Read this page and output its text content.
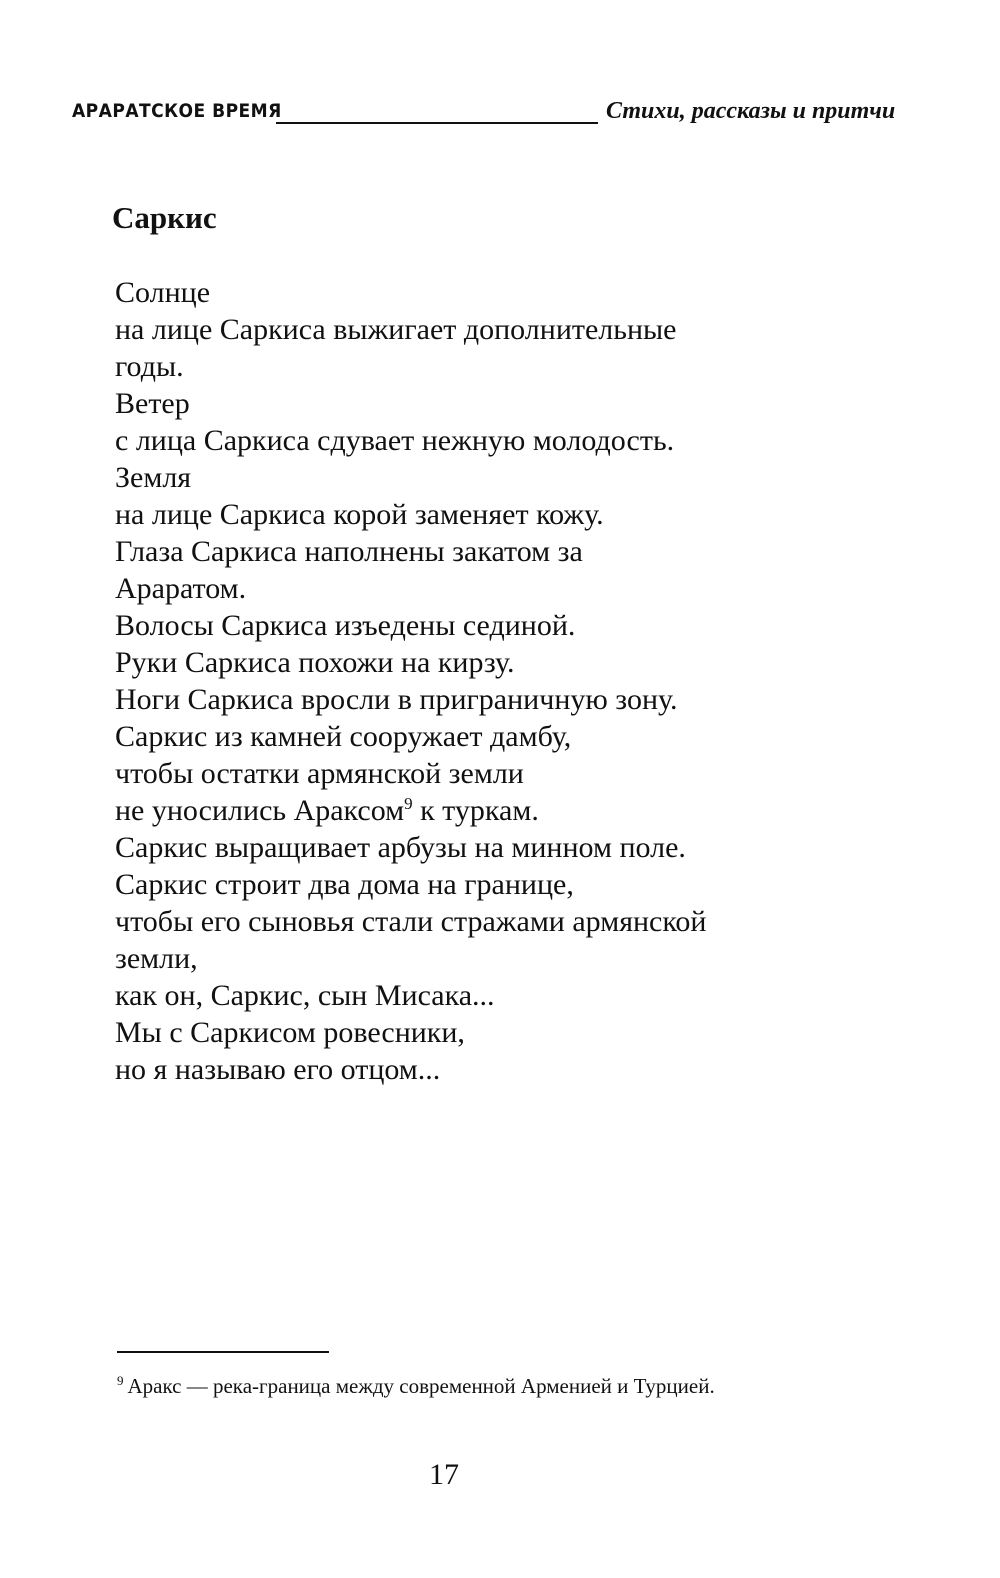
АРАРАТСКОЕ ВРЕМЯ	Стихи, рассказы и притчи
Саркис
Солнце
на лице Саркиса выжигает дополнительные
годы.
Ветер
с лица Саркиса сдувает нежную молодость.
Земля
на лице Саркиса корой заменяет кожу.
Глаза Саркиса наполнены закатом за
Араратом.
Волосы Саркиса изъедены сединой.
Руки Саркиса похожи на кирзу.
Ноги Саркиса вросли в приграничную зону.
Саркис из камней сооружает дамбу,
чтобы остатки армянской земли
не уносились Араксом$^9$ к туркам.
Саркис выращивает арбузы на минном поле.
Саркис строит два дома на границе,
чтобы его сыновья стали стражами армянской
земли,
как он, Саркис, сын Мисака...
Мы с Саркисом ровесники,
но я называю его отцом...

$^9$ Аракс — река-граница между современной Арменией и Турцией.

17
